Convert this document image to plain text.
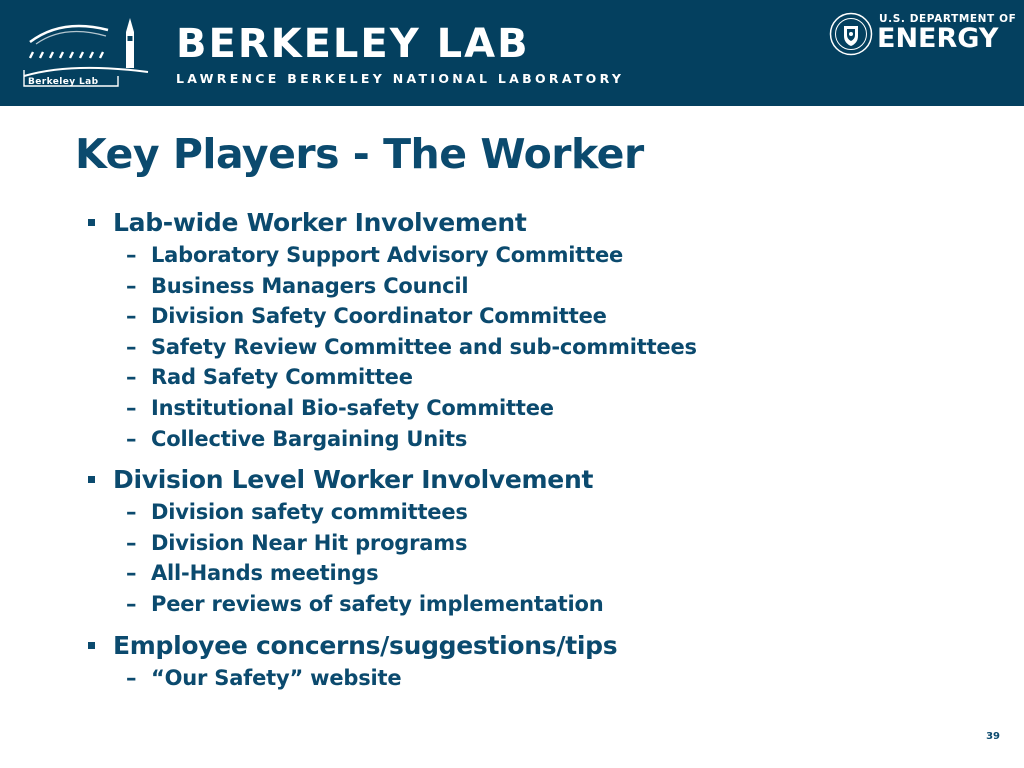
Berkeley Lab
BERKELEY LAB
LAWRENCE BERKELEY NATIONAL LABORATORY
U.S. DEPARTMENT OF
ENERGY
Key Players - The Worker
Lab-wide Worker Involvement
– Laboratory Support Advisory Committee
– Business Managers Council
– Division Safety Coordinator Committee
– Safety Review Committee and sub-committees
– Rad Safety Committee
– Institutional Bio-safety Committee
– Collective Bargaining Units
Division Level Worker Involvement
– Division safety committees
– Division Near Hit programs
– All-Hands meetings
– Peer reviews of safety implementation
Employee concerns/suggestions/tips
– “Our Safety” website
39
